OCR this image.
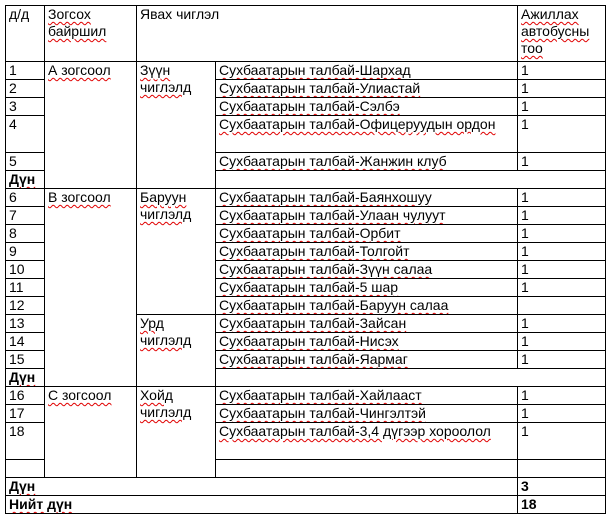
д/д	Зогсох байршил	Явах чиглэл		Ажиллах автобусны тоо	
1	А зогсоол	Зүүн чиглэлд	Сухбаатарын талбай-Шархад	1	
2			Сухбаатарын талбай-Улиастай	1	
3			Сухбаатарын талбай-Сэлбэ	1	
4			Сухбаатарын талбай-Офицеруудын ордон	1	
5			Сухбаатарын талбай-Жанжин клуб	1	
Дүн		
6	В зогсоол	Баруун чиглэлд	Сухбаатарын талбай-Баянхошуу	1	
7			Сухбаатарын талбай-Улаан чулуут	1	
8			Сухбаатарын талбай-Орбит	1	
9			Сухбаатарын талбай-Толгойт	1	
10			Сухбаатарын талбай-Зүүн салаа	1	
11			Сухбаатарын талбай-5 шар	1	
12			Сухбаатарын талбай-Баруун салаа		
13		Урд чиглэлд	Сухбаатарын талбай-Зайсан	1	
14			Сухбаатарын талбай-Нисэх	1	
15			Сухбаатарын талбай-Яармаг	1	
Дүн		
16	С зогсоол	Хойд чиглэлд	Сухбаатарын талбай-Хайлааст	1	
17			Сухбаатарын талбай-Чингэлтэй	1	
18			Сухбаатарын талбай-3,4 дүгээр хороолол	1	

Дүн				3	
Нийт дүн				18	
